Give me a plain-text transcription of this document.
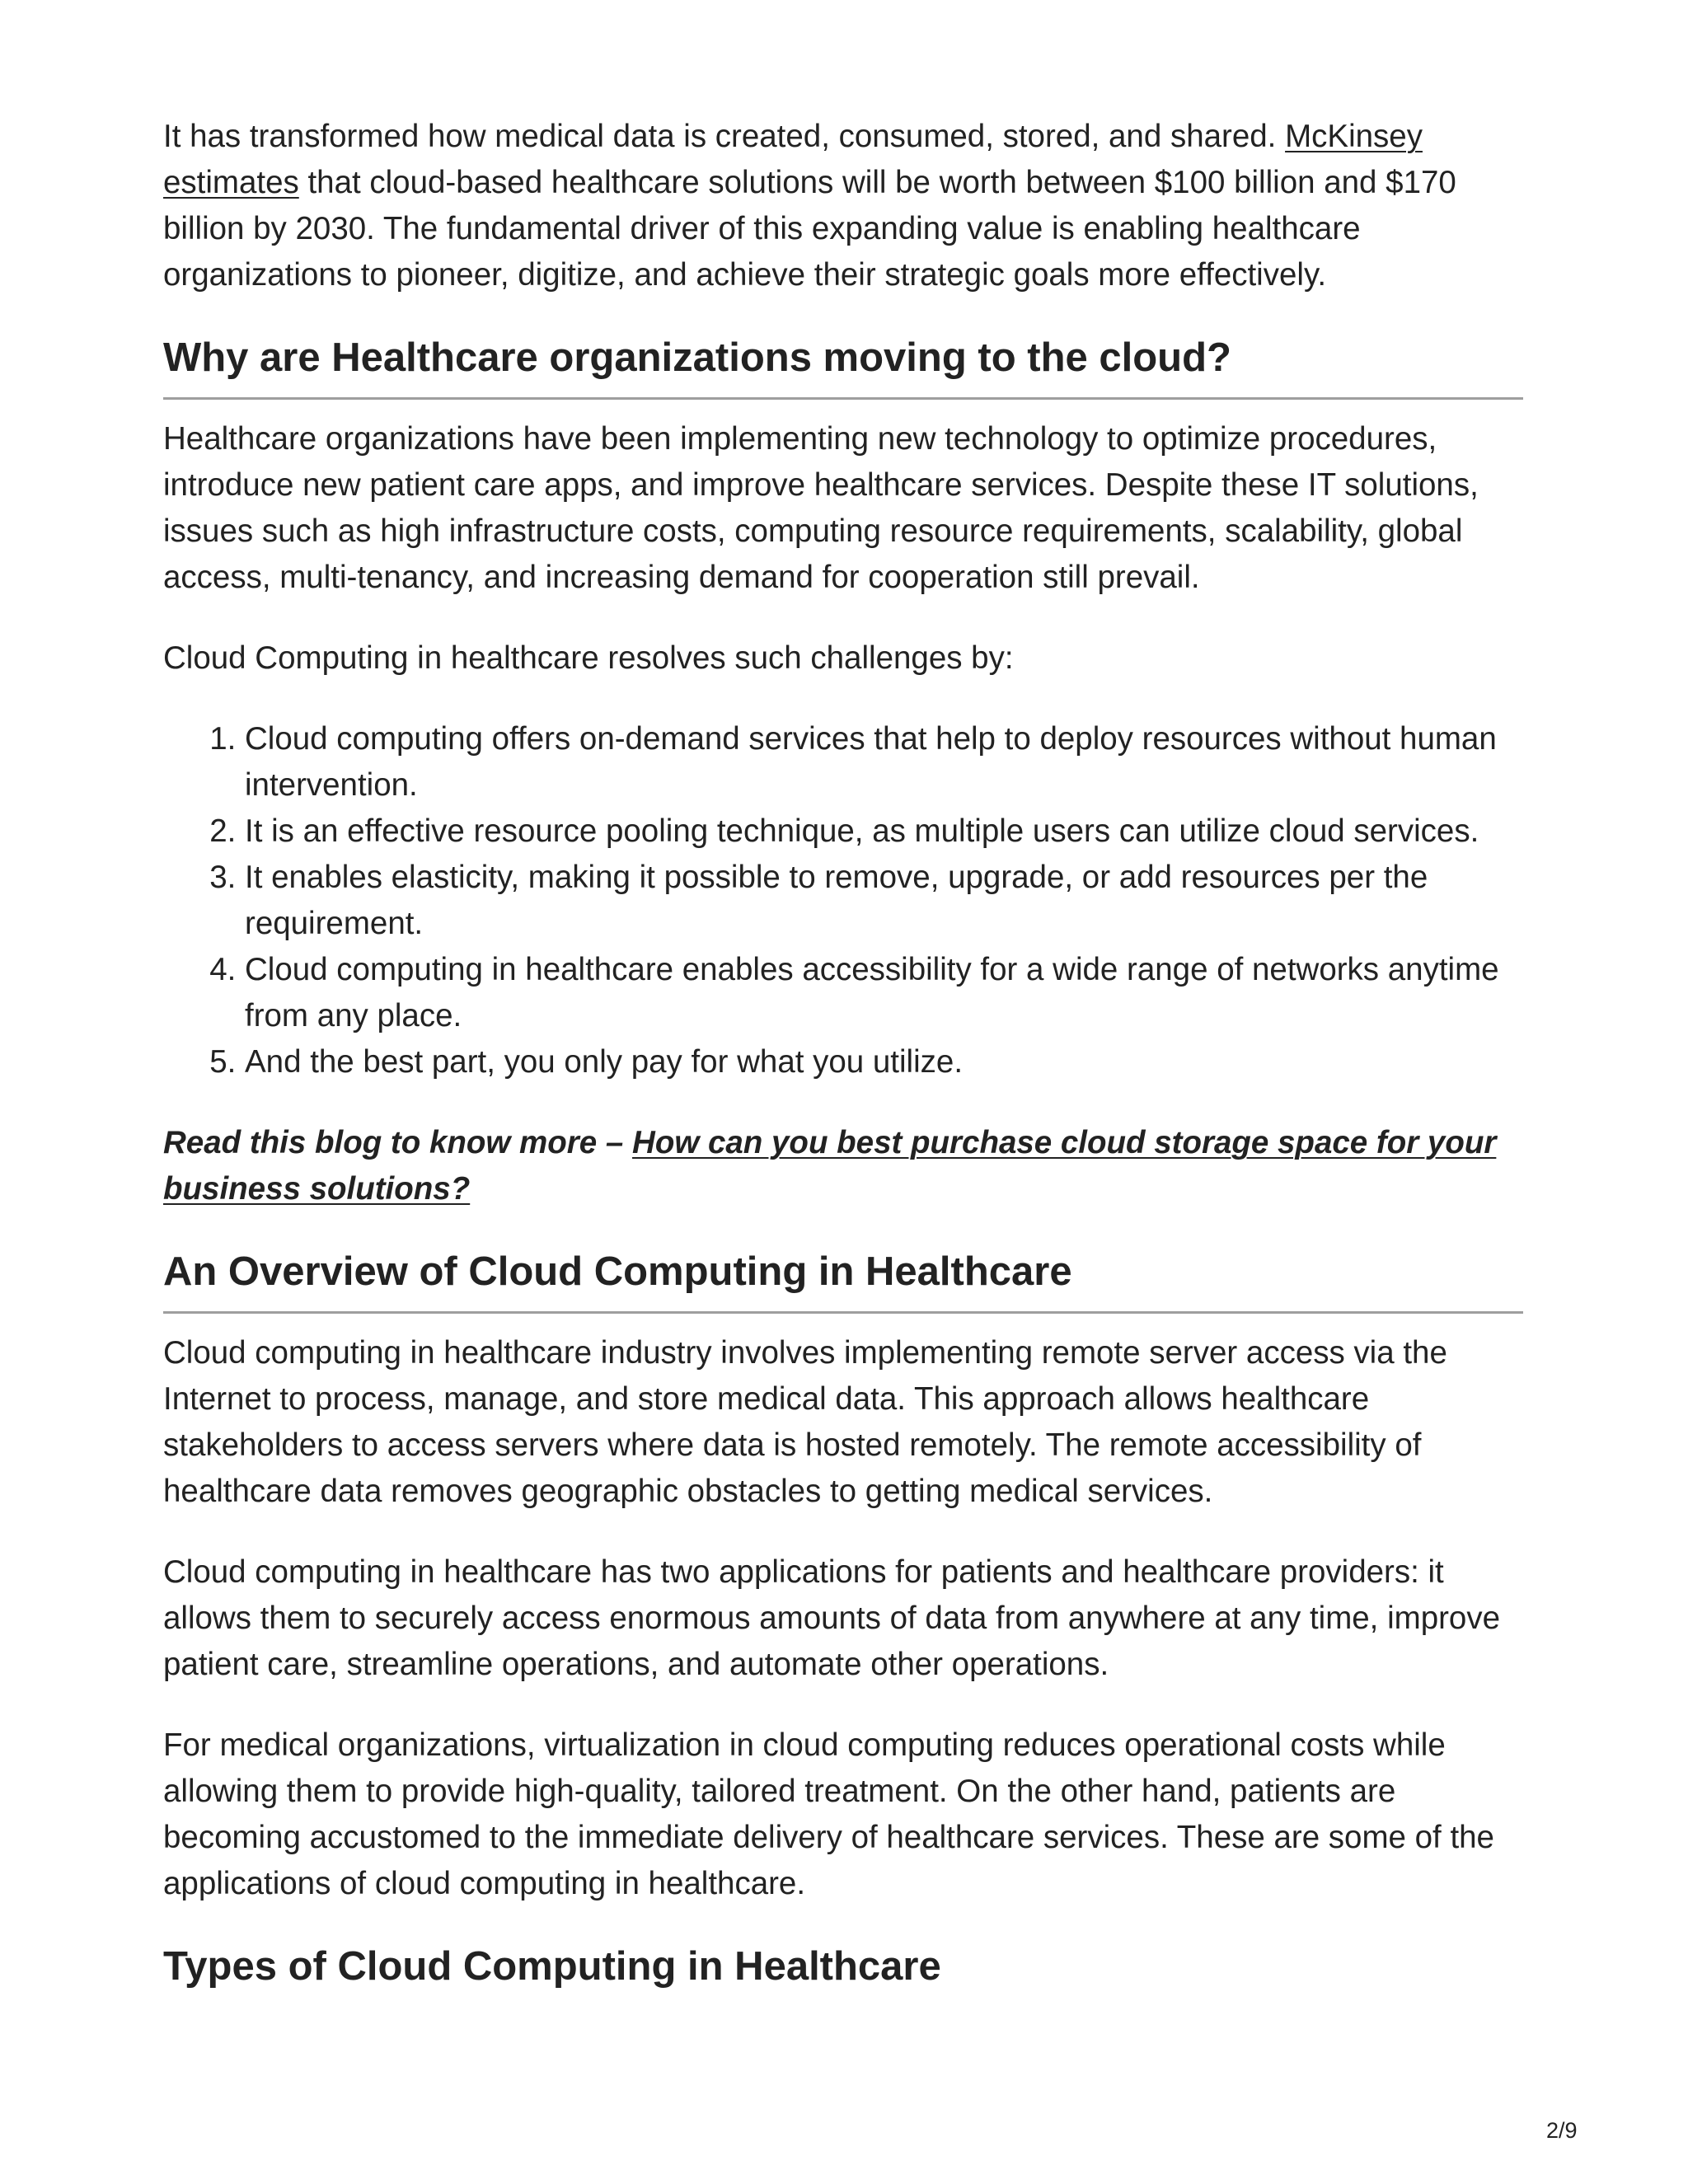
It has transformed how medical data is created, consumed, stored, and shared. McKinsey estimates that cloud-based healthcare solutions will be worth between $100 billion and $170 billion by 2030. The fundamental driver of this expanding value is enabling healthcare organizations to pioneer, digitize, and achieve their strategic goals more effectively.

Why are Healthcare organizations moving to the cloud?

Healthcare organizations have been implementing new technology to optimize procedures, introduce new patient care apps, and improve healthcare services. Despite these IT solutions, issues such as high infrastructure costs, computing resource requirements, scalability, global access, multi-tenancy, and increasing demand for cooperation still prevail.

Cloud Computing in healthcare resolves such challenges by:

1. Cloud computing offers on-demand services that help to deploy resources without human intervention.
2. It is an effective resource pooling technique, as multiple users can utilize cloud services.
3. It enables elasticity, making it possible to remove, upgrade, or add resources per the requirement.
4. Cloud computing in healthcare enables accessibility for a wide range of networks anytime from any place.
5. And the best part, you only pay for what you utilize.

Read this blog to know more – How can you best purchase cloud storage space for your business solutions?

An Overview of Cloud Computing in Healthcare

Cloud computing in healthcare industry involves implementing remote server access via the Internet to process, manage, and store medical data. This approach allows healthcare stakeholders to access servers where data is hosted remotely. The remote accessibility of healthcare data removes geographic obstacles to getting medical services.

Cloud computing in healthcare has two applications for patients and healthcare providers: it allows them to securely access enormous amounts of data from anywhere at any time, improve patient care, streamline operations, and automate other operations.

For medical organizations, virtualization in cloud computing reduces operational costs while allowing them to provide high-quality, tailored treatment. On the other hand, patients are becoming accustomed to the immediate delivery of healthcare services. These are some of the applications of cloud computing in healthcare.

Types of Cloud Computing in Healthcare
2/9
